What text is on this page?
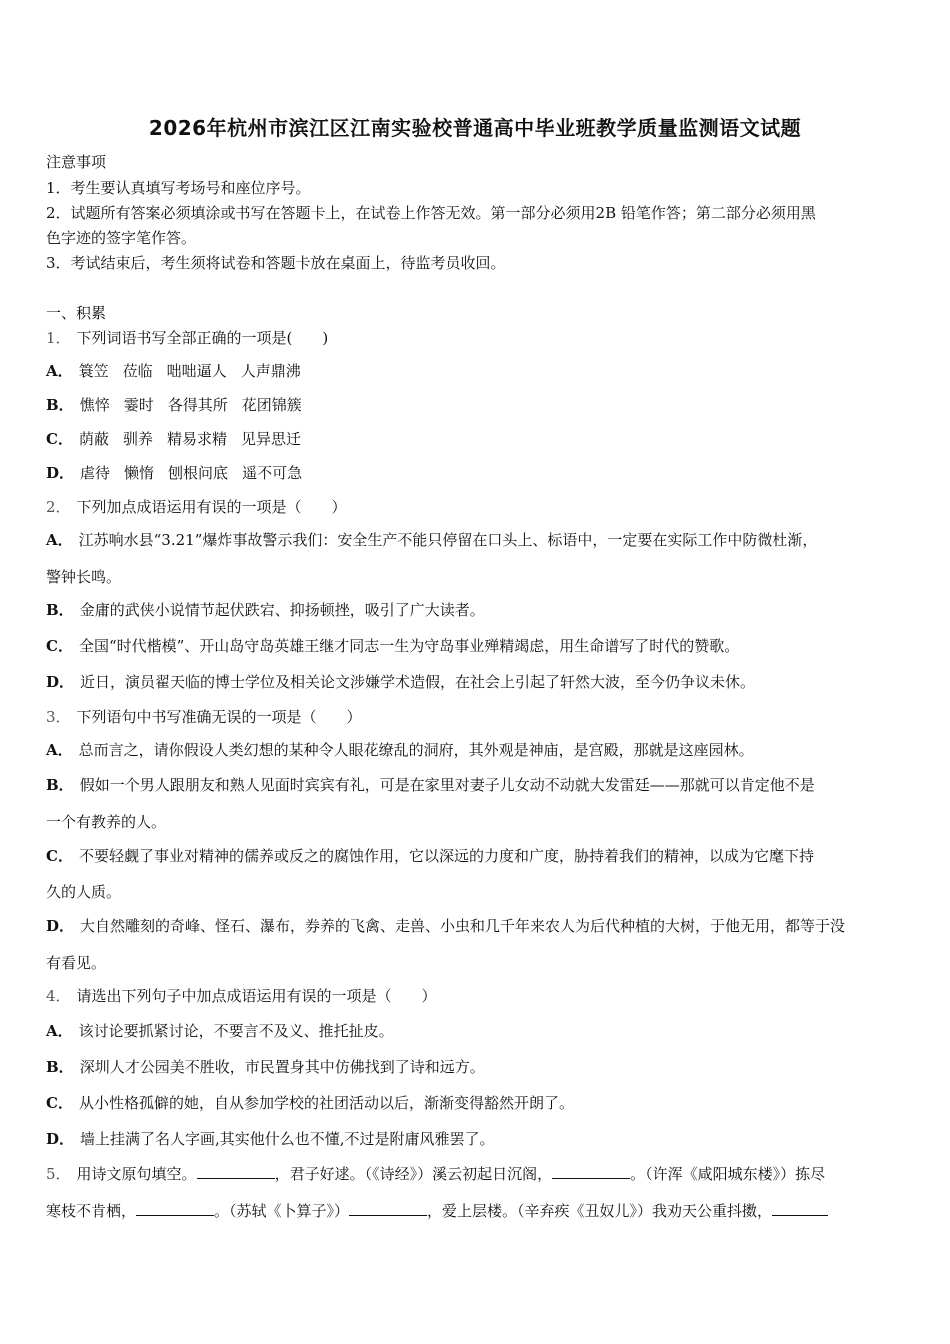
2026年杭州市滨江区江南实验校普通高中毕业班教学质量监测语文试题
注意事项
1．考生要认真填写考场号和座位序号。
2．试题所有答案必须填涂或书写在答题卡上，在试卷上作答无效。第一部分必须用2B 铅笔作答；第二部分必须用黑
色字迹的签字笔作答。
3．考试结束后，考生须将试卷和答题卡放在桌面上，待监考员收回。
一、积累
1． 下列词语书写全部正确的一项是(　　)
A． 簑笠 莅临 咄咄逼人 人声鼎沸
B． 憔悴 霎时 各得其所 花团锦簇
C． 荫蔽 驯养 精易求精 见异思迁
D． 虐待 懒惰 刨根问底 遥不可急
2． 下列加点成语运用有误的一项是（　　）
A． 江苏响水县“3.21”爆炸事故警示我们：安全生产不能只停留在口头上、标语中，一定要在实际工作中防微杜渐，
警钟长鸣。
B． 金庸的武侠小说情节起伏跌宕、抑扬顿挫，吸引了广大读者。
C． 全国“时代楷模”、开山岛守岛英雄王继才同志一生为守岛事业殚精竭虑，用生命谱写了时代的赞歌。
D． 近日，演员翟天临的博士学位及相关论文涉嫌学术造假，在社会上引起了轩然大波，至今仍争议未休。
3． 下列语句中书写准确无误的一项是（　　）
A． 总而言之，请你假设人类幻想的某种令人眼花缭乱的洞府，其外观是神庙，是宫殿，那就是这座园林。
B． 假如一个男人跟朋友和熟人见面时宾宾有礼，可是在家里对妻子儿女动不动就大发雷廷——那就可以肯定他不是
一个有教养的人。
C． 不要轻觑了事业对精神的儒养或反之的腐蚀作用，它以深远的力度和广度，胁持着我们的精神，以成为它麾下持
久的人质。
D． 大自然雕刻的奇峰、怪石、瀑布，券养的飞禽、走兽、小虫和几千年来农人为后代种植的大树，于他无用，都等于没
有看见。
4． 请选出下列句子中加点成语运用有误的一项是（　　）
A． 该讨论要抓紧讨论，不要言不及义、推托扯皮。
B． 深圳人才公园美不胜收，市民置身其中仿佛找到了诗和远方。
C． 从小性格孤僻的她，自从参加学校的社团活动以后，渐渐变得豁然开朗了。
D． 墙上挂满了名人字画,其实他什么也不懂,不过是附庸风雅罢了。
5． 用诗文原句填空。	，君子好逑。（《诗经》）溪云初起日沉阁，	。（许浑《咸阳城东楼》）拣尽
寒枝不肯栖，	。（苏轼《卜算子》）	，爱上层楼。（辛弃疾《丑奴儿》）我劝天公重抖擞，
